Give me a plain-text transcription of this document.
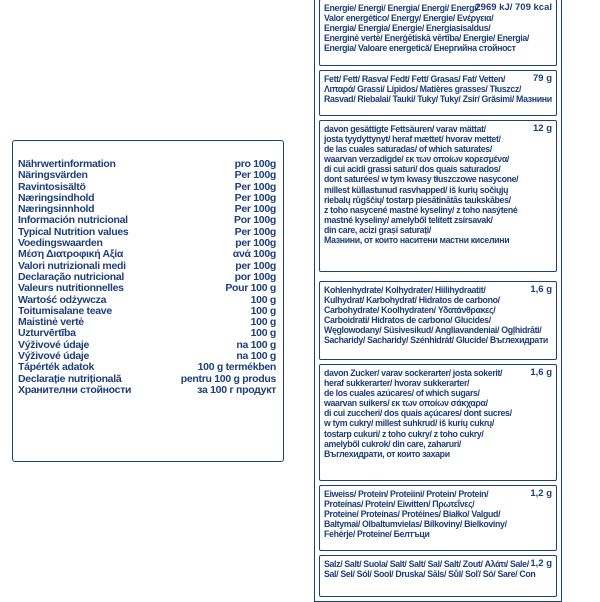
Nährwertinformation	pro 100g
Näringsvärden	Per 100g
Ravintosisältö	Per 100g
Næringsindhold	Per 100g
Næringsinnhold	Per 100g
Información nutricional	Por 100g
Typical Nutrition values	Per 100g
Voedingswaarden	per 100g
Μέση Διατροφική Αξία	ανά 100g
Valori nutrizionali medi	per 100g
Declaração nutricional	por 100g
Valeurs nutritionnelles	Pour 100 g
Wartość odżywcza	100 g
Toitumisalane teave	100 g
Maistinė vertė	100 g
Uzturvērtība	100 g
Výživové údaje	na 100 g
Výživové údaje	na 100 g
Tápérték adatok	100 g termékben
Declarație nutrițională	pentru 100 g produs
Хранителни стойности	за 100 г продукт
Energie/ Energi/ Energia/ Energi/ Energi/
Valor energético/ Energy/ Energie/ Ενέργεια/
Energia/ Energia/ Energie/ Energiasisaldus/
Energinė vertė/ Enerģētiskā vērtība/ Energie/ Energia/
Energia/ Valoare energetică/ Енергийна стойност
2969 kJ/ 709 kcal
Fett/ Fett/ Rasva/ Fedt/ Fett/ Grasas/ Fat/ Vetten/
Λιπαρά/ Grassi/ Lípidos/ Matières grasses/ Tłuszcz/
Rasvad/ Riebalai/ Tauki/ Tuky/ Tuky/ Zsír/ Grăsimi/ Мазнини
79 g
davon gesättigte Fettsäuren/ varav mättat/
josta tyydyttynyt/ heraf mættet/ hvorav mettet/
de las cuales saturadas/ of which saturates/
waarvan verzadigde/ εκ των οποίων κορεσμένα/
di cui acidi grassi saturi/ dos quais saturados/
dont saturées/ w tym kwasy tłuszczowe nasycone/
millest küllastunud rasvhapped/ iš kurių sočiųjų
riebalų rūgščių/ tostarp piesātinātās taukskābes/
z toho nasycené mastné kyseliny/ z toho nasýtené
mastné kyseliny/ amelyből telített zsírsavak/
din care, acizi grași saturați/
Мазнини, от които наситени мастни киселини
12 g
Kohlenhydrate/ Kolhydrater/ Hiilihydraatit/
Kulhydrat/ Karbohydrat/ Hidratos de carbono/
Carbohydrate/ Koolhydraten/ Υδατάνθρακες/
Carboidrati/ Hidratos de carbono/ Glucides/
Węglowodany/ Süsivesikud/ Angliavandeniai/ Ogļhidrāti/
Sacharidy/ Sacharidy/ Szénhidrát/ Glucide/ Въглехидрати
1,6 g
davon Zucker/ varav sockerarter/ josta sokerit/
heraf sukkerarter/ hvorav sukkerarter/
de los cuales azúcares/ of which sugars/
waarvan suikers/ εκ των οποίων σάκχαρα/
di cui zuccheri/ dos quais açúcares/ dont sucres/
w tym cukry/ millest suhkrud/ iš kurių cukrų/
tostarp cukuri/ z toho cukry/ z toho cukry/
amelyből cukrok/ din care, zaharuri/
Въглехидрати, от които захари
1,6 g
Eiweiss/ Protein/ Proteiini/ Protein/ Protein/
Proteínas/ Protein/ Eiwitten/ Πρωτεΐνες/
Proteine/ Proteínas/ Protéines/ Białko/ Valgud/
Baltymai/ Olbaltumvielas/ Bílkoviny/ Bielkoviny/
Fehérje/ Proteine/ Белтъци
1,2 g
Salz/ Salt/ Suola/ Salt/ Salt/ Sal/ Salt/ Zout/ Αλάτι/ Sale/
Sal/ Sel/ Sól/ Sool/ Druska/ Sāls/ Sůl/ Soľ/ Só/ Sare/ Con
1,2 g
